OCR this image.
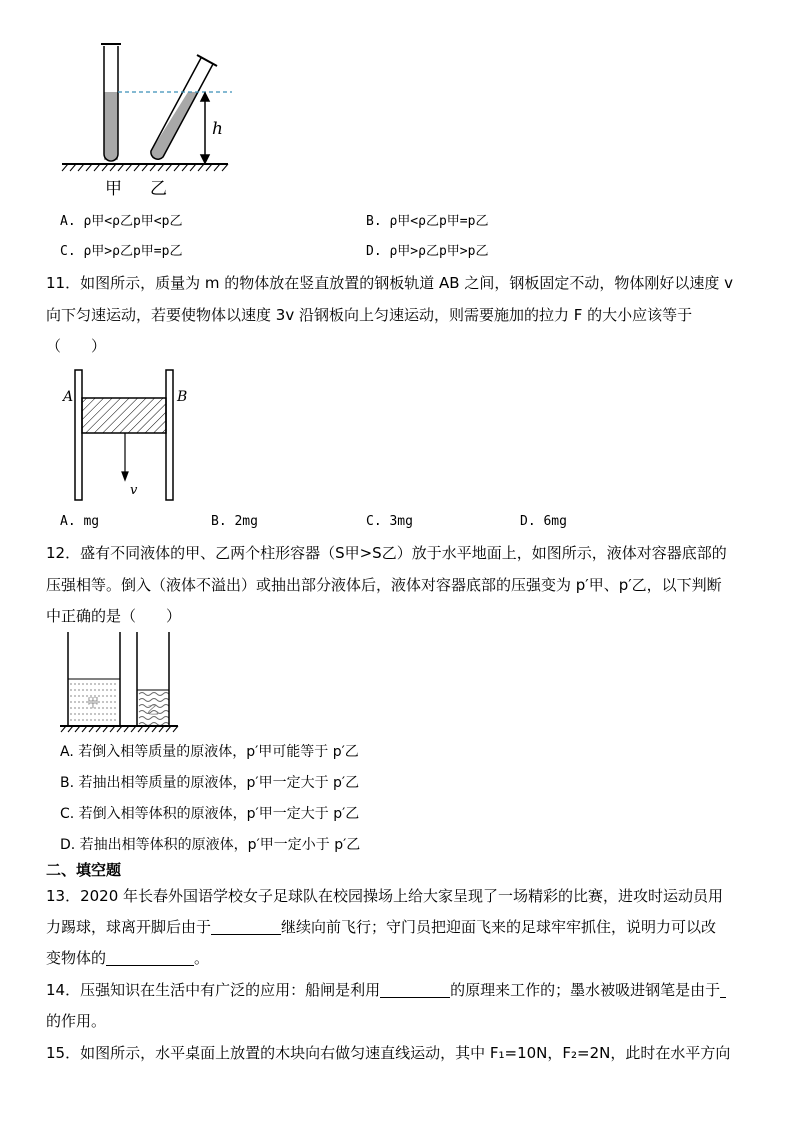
h
甲 乙
A. ρ甲<ρ乙p甲<p乙	B. ρ甲<ρ乙p甲=p乙
C. ρ甲>ρ乙p甲=p乙	D. ρ甲>ρ乙p甲>p乙
11．如图所示，质量为 m 的物体放在竖直放置的钢板轨道 AB 之间，钢板固定不动，物体刚好以速度 v
向下匀速运动，若要使物体以速度 3v 沿钢板向上匀速运动，则需要施加的拉力 F 的大小应该等于
（　　）
A	B
v
A. mg	B. 2mg	C. 3mg	D. 6mg
12．盛有不同液体的甲、乙两个柱形容器（S甲>S乙）放于水平地面上，如图所示，液体对容器底部的
压强相等。倒入（液体不溢出）或抽出部分液体后，液体对容器底部的压强变为 p′甲、p′乙，以下判断
中正确的是（　　）
甲	乙
A. 若倒入相等质量的原液体，p′甲可能等于 p′乙
B. 若抽出相等质量的原液体，p′甲一定大于 p′乙
C. 若倒入相等体积的原液体，p′甲一定大于 p′乙
D. 若抽出相等体积的原液体，p′甲一定小于 p′乙
二、填空题
13．2020 年长春外国语学校女子足球队在校园操场上给大家呈现了一场精彩的比赛，进攻时运动员用
力踢球，球离开脚后由于	继续向前飞行；守门员把迎面飞来的足球牢牢抓住，说明力可以改
变物体的	。
14．压强知识在生活中有广泛的应用：船闸是利用	的原理来工作的；墨水被吸进钢笔是由于
的作用。
15．如图所示，水平桌面上放置的木块向右做匀速直线运动，其中 F₁=10N，F₂=2N，此时在水平方向
